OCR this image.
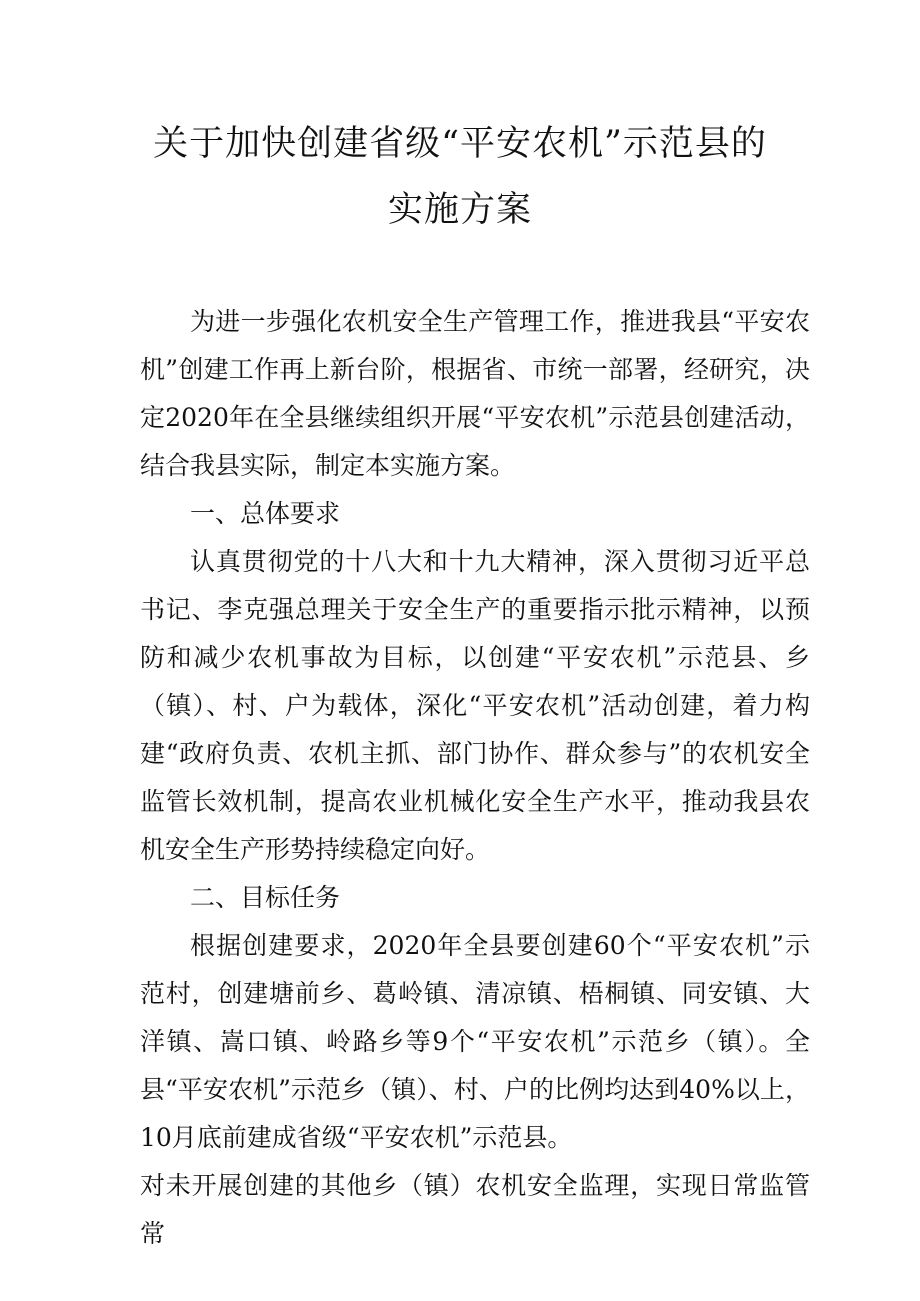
关于加快创建省级“平安农机”示范县的
实施方案

为进一步强化农机安全生产管理工作，推进我县“平安农机”创建工作再上新台阶，根据省、市统一部署，经研究，决定2020年在全县继续组织开展“平安农机”示范县创建活动，结合我县实际，制定本实施方案。

一、总体要求

认真贯彻党的十八大和十九大精神，深入贯彻习近平总书记、李克强总理关于安全生产的重要指示批示精神，以预防和减少农机事故为目标，以创建“平安农机”示范县、乡（镇）、村、户为载体，深化“平安农机”活动创建，着力构建“政府负责、农机主抓、部门协作、群众参与”的农机安全监管长效机制，提高农业机械化安全生产水平，推动我县农机安全生产形势持续稳定向好。

二、目标任务

根据创建要求，2020年全县要创建60个“平安农机”示范村，创建塘前乡、葛岭镇、清凉镇、梧桐镇、同安镇、大洋镇、嵩口镇、岭路乡等9个“平安农机”示范乡（镇）。全县“平安农机”示范乡（镇）、村、户的比例均达到40%以上，10月底前建成省级“平安农机”示范县。

对未开展创建的其他乡（镇）农机安全监理，实现日常监管常
